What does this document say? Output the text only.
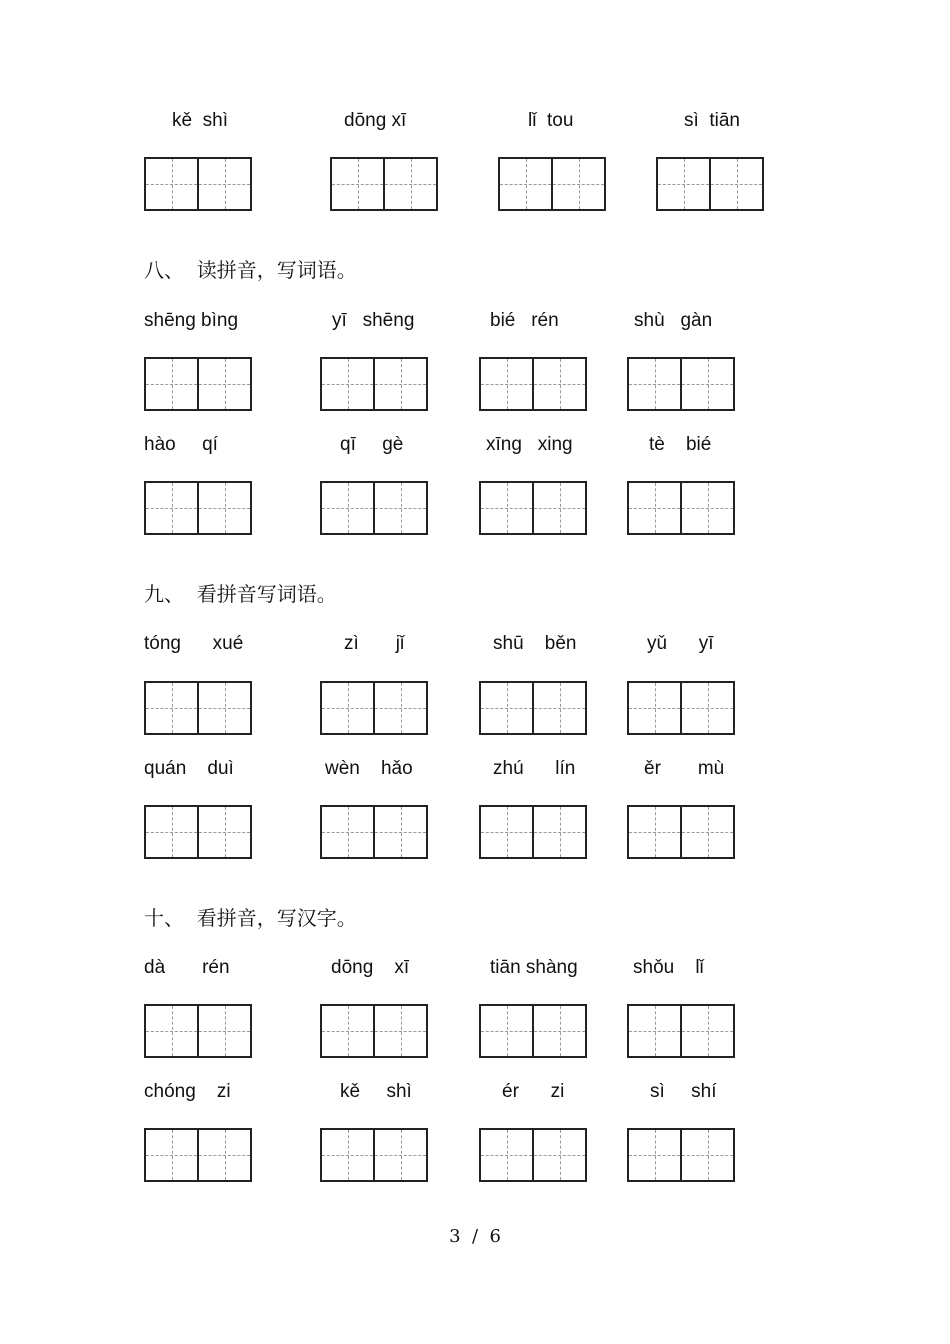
kě  shì	dōng xī	lǐ  tou	sì  tiān
八、  读拼音，写词语。
shēng bìng	yī   shēng	bié   rén	shù   gàn
hào     qí	qī     gè	xīng   xing	tè    bié
九、  看拼音写词语。
tóng      xué	zì       jǐ	shū    běn	yǔ      yī
quán    duì	wèn    hǎo	zhú      lín	ěr       mù
十、  看拼音，写汉字。
dà       rén	dōng    xī	tiān shàng	shǒu    lǐ
chóng    zi	kě     shì	ér      zi	sì     shí
3  /  6
